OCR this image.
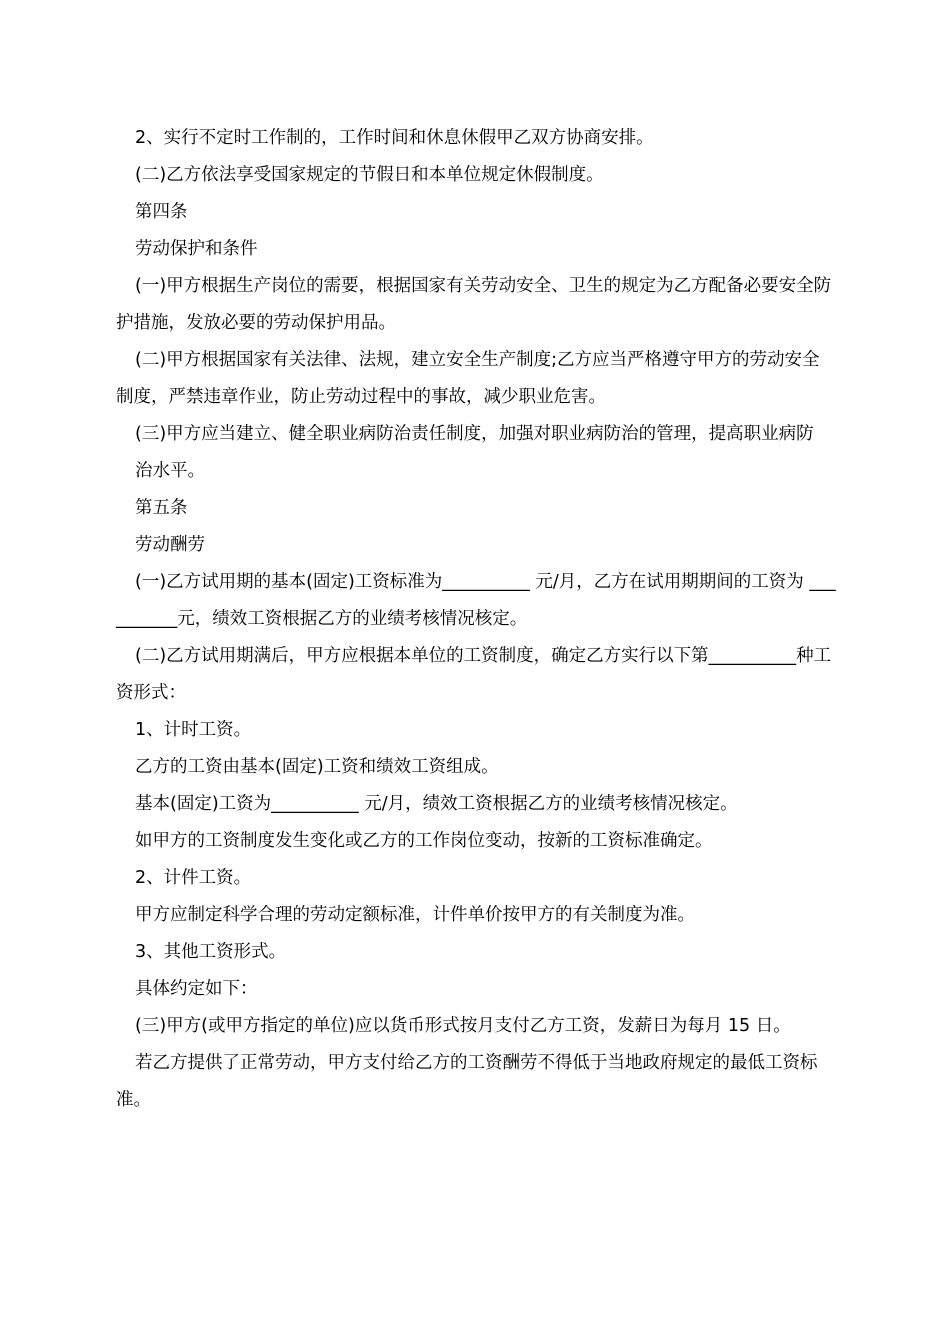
2、实行不定时工作制的，工作时间和休息休假甲乙双方协商安排。

(二)乙方依法享受国家规定的节假日和本单位规定休假制度。

第四条

劳动保护和条件

(一)甲方根据生产岗位的需要，根据国家有关劳动安全、卫生的规定为乙方配备必要安全防护措施，发放必要的劳动保护用品。

(二)甲方根据国家有关法律、法规，建立安全生产制度;乙方应当严格遵守甲方的劳动安全制度，严禁违章作业，防止劳动过程中的事故，减少职业危害。

(三)甲方应当建立、健全职业病防治责任制度，加强对职业病防治的管理，提高职业病防

治水平。

第五条

劳动酬劳

(一)乙方试用期的基本(固定)工资标准为__________ 元/月，乙方在试用期期间的工资为 __________元，绩效工资根据乙方的业绩考核情况核定。

(二)乙方试用期满后，甲方应根据本单位的工资制度，确定乙方实行以下第__________种工资形式：

1、计时工资。

乙方的工资由基本(固定)工资和绩效工资组成。

基本(固定)工资为__________ 元/月，绩效工资根据乙方的业绩考核情况核定。

如甲方的工资制度发生变化或乙方的工作岗位变动，按新的工资标准确定。

2、计件工资。

甲方应制定科学合理的劳动定额标准，计件单价按甲方的有关制度为准。

3、其他工资形式。

具体约定如下：

(三)甲方(或甲方指定的单位)应以货币形式按月支付乙方工资，发薪日为每月 15 日。

若乙方提供了正常劳动，甲方支付给乙方的工资酬劳不得低于当地政府规定的最低工资标准。
